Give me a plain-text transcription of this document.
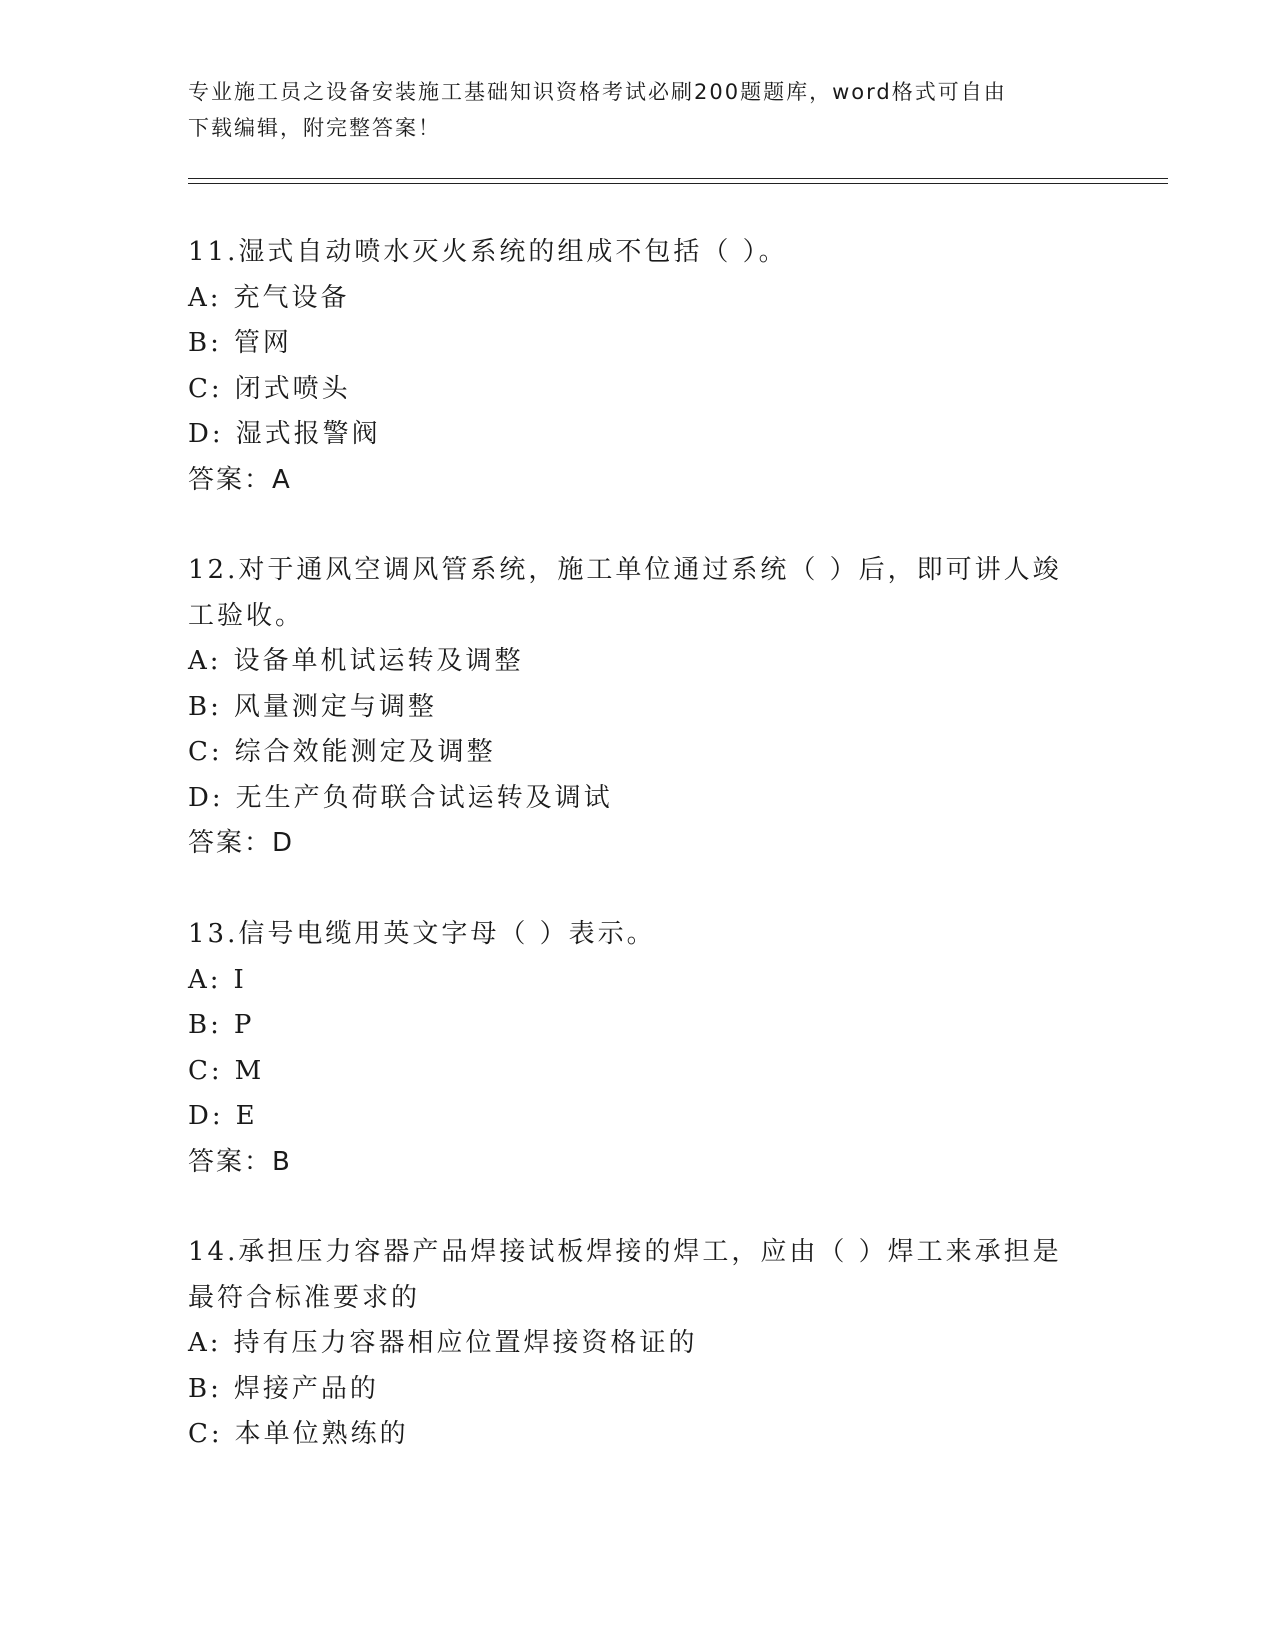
专业施工员之设备安装施工基础知识资格考试必刷200题题库，word格式可自由
下载编辑，附完整答案！
11.湿式自动喷水灭火系统的组成不包括（ ）。
A: 充气设备
B: 管网
C: 闭式喷头
D: 湿式报警阀
答案：A
12.对于通风空调风管系统，施工单位通过系统（ ）后，即可讲人竣
工验收。
A: 设备单机试运转及调整
B: 风量测定与调整
C: 综合效能测定及调整
D: 无生产负荷联合试运转及调试
答案：D
13.信号电缆用英文字母（ ）表示。
A: I
B: P
C: M
D: E
答案：B
14.承担压力容器产品焊接试板焊接的焊工，应由（ ）焊工来承担是
最符合标准要求的
A: 持有压力容器相应位置焊接资格证的
B: 焊接产品的
C: 本单位熟练的
